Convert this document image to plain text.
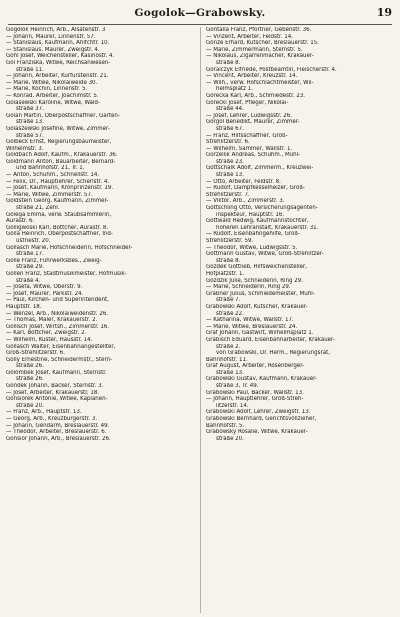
Gogolok—Grabowsky.	19
Gogolok Heinrich, Arb., Alsatenstr. 3
— Johann, Maurer, Linnenstr. 57.
— Stanislaus, Kaufmann, Ahlfchtr. 10.
— Stanislaus, Maurer, Zweigstr. 4.
Gohl Josef, Weichensteller, Kasinostr. 4.
Gol Franziska, Witwe, Reichsanwesen-
straße 11.
— Johann, Arbeiter, Kurfürstenstr. 21.
— Marie, Witwe, Nikolaiweide 30.
— Marie, Köchin, Linnenstr. 5.
— Konrad, Arbeiter, Joachimstr. 5.
Golasewski Karoline, Witwe, Wald-
straße 37.
Golan Martin, Oberpostschaffner, Garten-
straße 13.
Golaszewski Josefine, Witwe, Zimmer-
straße 57.
Golbeck Ernst, Regierungsbaumeister,
Wilhelmstr. 3.
Goldbach Adolf, Kaufm., Krakauerstr. 36.
Goldmann Anton, Bauarbeiter, Bernard-
und Bahnhofstr. 21, Tr. 1.
— Anton, Schuhm., Schnellstr. 14.
— Felix, Dr., Hauptlehrer, Scherlstr. 4.
— Josef, Kaufmann, Kronprinzenstr. 19.
— Marie, Witwe, Zimmerstr. 57.
Goldstein Georg, Kaufmann, Zimmer-
straße 21, Zehl.
Golega Emma, verw. Staubsammlerin,
Aurastr. 6.
Golligwoski Karl, Böttcher, Aurastr. 8.
Golla Heinrich, Oberpostschaffner, Ind-
ustriestr. 20.
Gollasch Marie, Hofschneiderin, Hofschneider-
straße 17.
Golle Franz, Fuhrwerksbes., Zweig-
straße 29.
Gollen Franz, Stadtmusikmeister, Hofmusik-
straße 4.
— Josefa, Witwe, Oberstr. 9.
— Josef, Maurer, Parkstr. 24.
— Paul, Kirchen- und Superintendent,
Hauptstr. 18.
— Wenzel, Arb., Nikolaiweidenstr. 26.
— Thomas, Maler, Krakauerstr. 2.
Gollisch Josef, Wirtsh., Zimmerstr. 16.
— Karl, Böttcher, Zweigstr. 2.
— Wilhelm, Küster, Hausstr. 14.
Gollasch Walter, Eisenbahnangestellter,
Groß-Strehlitzerstr. 6.
Golly Ernestine, Schneidermstr., Stern-
straße 26.
Golombek Josef, Kaufmann, Sternstr.
straße 26.
Gondek Johann, Bäcker, Sternstr. 3.
— Josef, Arbeiter, Krakauerstr. 18.
Gonsiorek Antonie, Witwe, Kaplanen-
straße 20.
— Franz, Arb., Hauptstr. 13.
— Georg, Arb., Kreuzburgerstr. 3.
— Johann, Gendarm, Breslauerstr. 49.
— Theodor, Arbeiter, Breslauerstr. 6.
Gonsior Johann, Arb., Breslauerstr. 26.
Gontalla Franz, Pförtner, Gebenstr. 36.
— Vinzent, Arbeiter, Feldstr. 14.
Gonze Erhard, Kutscher, Breslauerstr. 15.
— Marie, Zimmermann, Sternstr. 5.
— Nikolaus, Zigarrenmacher, Krakauer-
straße 8.
Goralczyk Elfriede, Postbeamtin, Fleischerstr. 4.
— Vincent, Arbeiter, Kreuzstr. 14.
— Wilh., verw. Hofschlachtmeister, Wil-
helmsplatz 1.
Gorecka Karl, Arb., Schmiedestr. 23.
Gorecki Josef, Pfleger, Nikolai-
straße 44.
— Josef, Lehrer, Ludwigsstr. 26.
Gorgol Benedikt, Maurer, Zimmer-
straße 67.
— Franz, Hilfsschaffner, Groß-
Strehlitzerstr. 6.
— Wilhelm, Sämmer, Wallstr. 1.
Gorzellik Andreas, Schuhm., Mühl-
straße 23.
Gottschalk Adolf, Zimmerm., Kreuzwei-
straße 13.
— Otto, Arbeiter, Feldstr. 8.
— Rudolf, Dampfkesselheizer, Groß-
Strehlitzerstr. 7.
— Viktor, Arb., Zimmerstr. 3.
Gottschling Otto, Versicherungsagenten-
inspekteur, Hauptstr. 16.
Gottwald Hedwig, Kaufmannstochter,
höheren Lehranstalt, Krakauerstr. 31.
— Rudolf, Eisenbahngehilfe, Groß-
Strehlitzerstr. 59.
— Theodor, Witwe, Ludwigsstr. 5.
Gottmann Gustav, Witwe, Groß-Strehlitzer-
straße 8.
Gozdek Gottlieb, Hilfsweichensteller,
Hofplatzstr. 1.
Gozdzik Julie, Schneiderin, Ring 29.
— Marie, Schneiderin, Ring 29.
Grabner Julius, Schmiedemeister, Mühl-
straße 7.
Grabowski Adolf, Kutscher, Krakauer-
straße 22.
— Katharina, Witwe, Wallstr. 17.
— Marie, Witwe, Breslauerstr. 24.
Graf Johann, Gastwirt, Wilhelmsplatz 1.
Grabisch Eduard, Eisenbahnarbeiter, Krakauer-
straße 2.
von Grabowski, Dr. Herm., Regierungsrat,
Bahnhofstr. 11.
Graf August, Arbeiter, Rosenberger-
straße 13.
Grabowski Gustav, Kaufmann, Krakauer-
straße 3, Tr. 49.
Grabowski Paul, Bäcker, Wallstr. 13.
— Johann, Hauptlehrer, Groß-Streh-
litzerstr. 14.
Grabowski Adolf, Lehrer, Zweigstr. 13.
Grabowski Bernhard, Gerichtsvollzieher,
Bahnhofstr. 5.
Grabowsky Rosalie, Witwe, Krakauer-
straße 20.
